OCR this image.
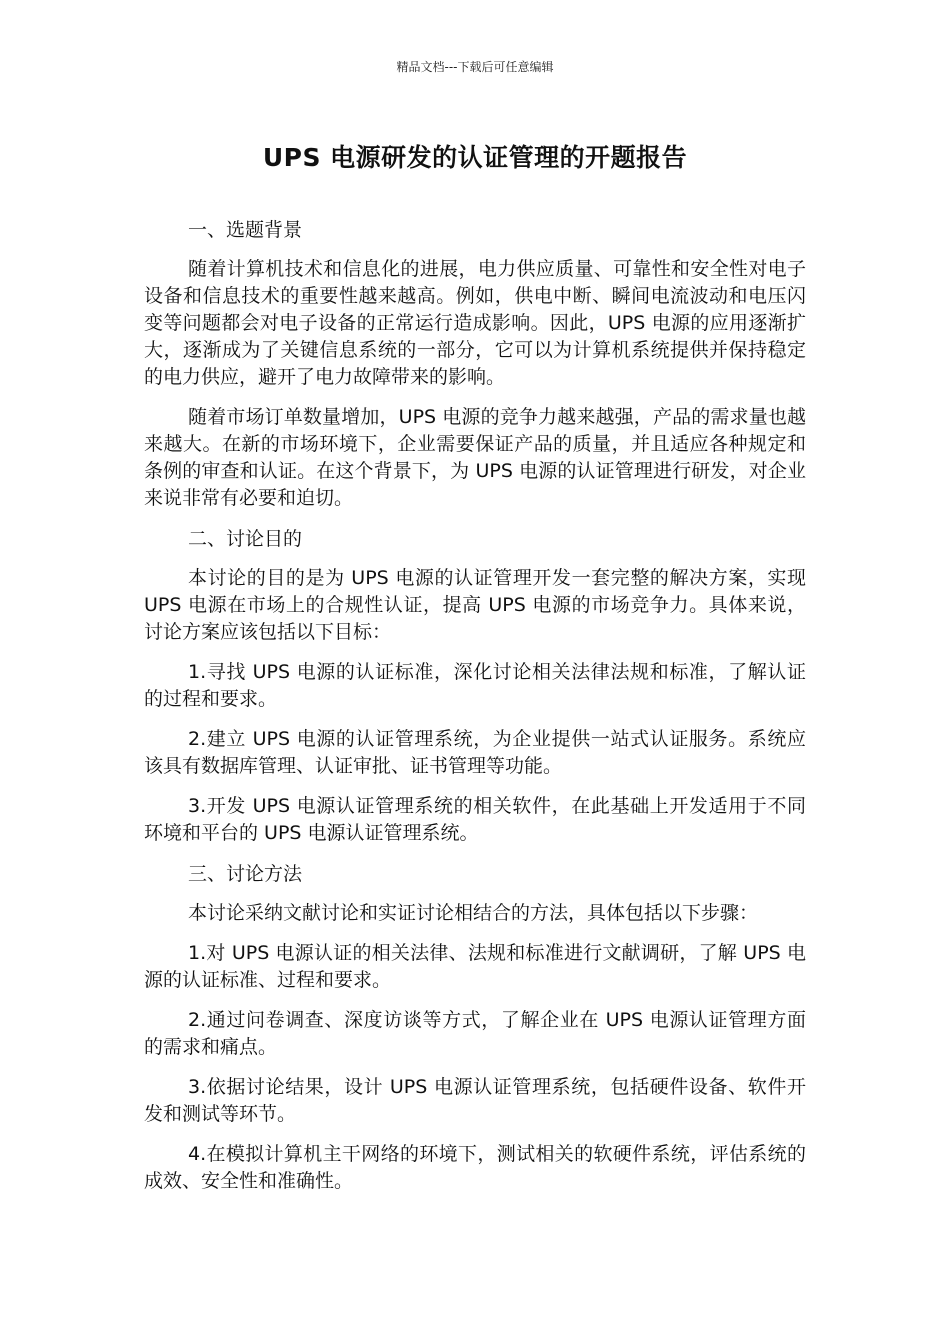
精品文档---下载后可任意编辑
UPS 电源研发的认证管理的开题报告
一、选题背景

随着计算机技术和信息化的进展，电力供应质量、可靠性和安全性对电子设备和信息技术的重要性越来越高。例如，供电中断、瞬间电流波动和电压闪变等问题都会对电子设备的正常运行造成影响。因此，UPS 电源的应用逐渐扩大，逐渐成为了关键信息系统的一部分，它可以为计算机系统提供并保持稳定的电力供应，避开了电力故障带来的影响。

随着市场订单数量增加，UPS 电源的竞争力越来越强，产品的需求量也越来越大。在新的市场环境下，企业需要保证产品的质量，并且适应各种规定和条例的审查和认证。在这个背景下，为 UPS 电源的认证管理进行研发，对企业来说非常有必要和迫切。

二、讨论目的

本讨论的目的是为 UPS 电源的认证管理开发一套完整的解决方案，实现 UPS 电源在市场上的合规性认证，提高 UPS 电源的市场竞争力。具体来说，讨论方案应该包括以下目标：

1.寻找 UPS 电源的认证标准，深化讨论相关法律法规和标准，了解认证的过程和要求。

2.建立 UPS 电源的认证管理系统，为企业提供一站式认证服务。系统应该具有数据库管理、认证审批、证书管理等功能。

3.开发 UPS 电源认证管理系统的相关软件，在此基础上开发适用于不同环境和平台的 UPS 电源认证管理系统。

三、讨论方法

本讨论采纳文献讨论和实证讨论相结合的方法，具体包括以下步骤：

1.对 UPS 电源认证的相关法律、法规和标准进行文献调研，了解 UPS 电源的认证标准、过程和要求。

2.通过问卷调查、深度访谈等方式，了解企业在 UPS 电源认证管理方面的需求和痛点。

3.依据讨论结果，设计 UPS 电源认证管理系统，包括硬件设备、软件开发和测试等环节。

4.在模拟计算机主干网络的环境下，测试相关的软硬件系统，评估系统的成效、安全性和准确性。
